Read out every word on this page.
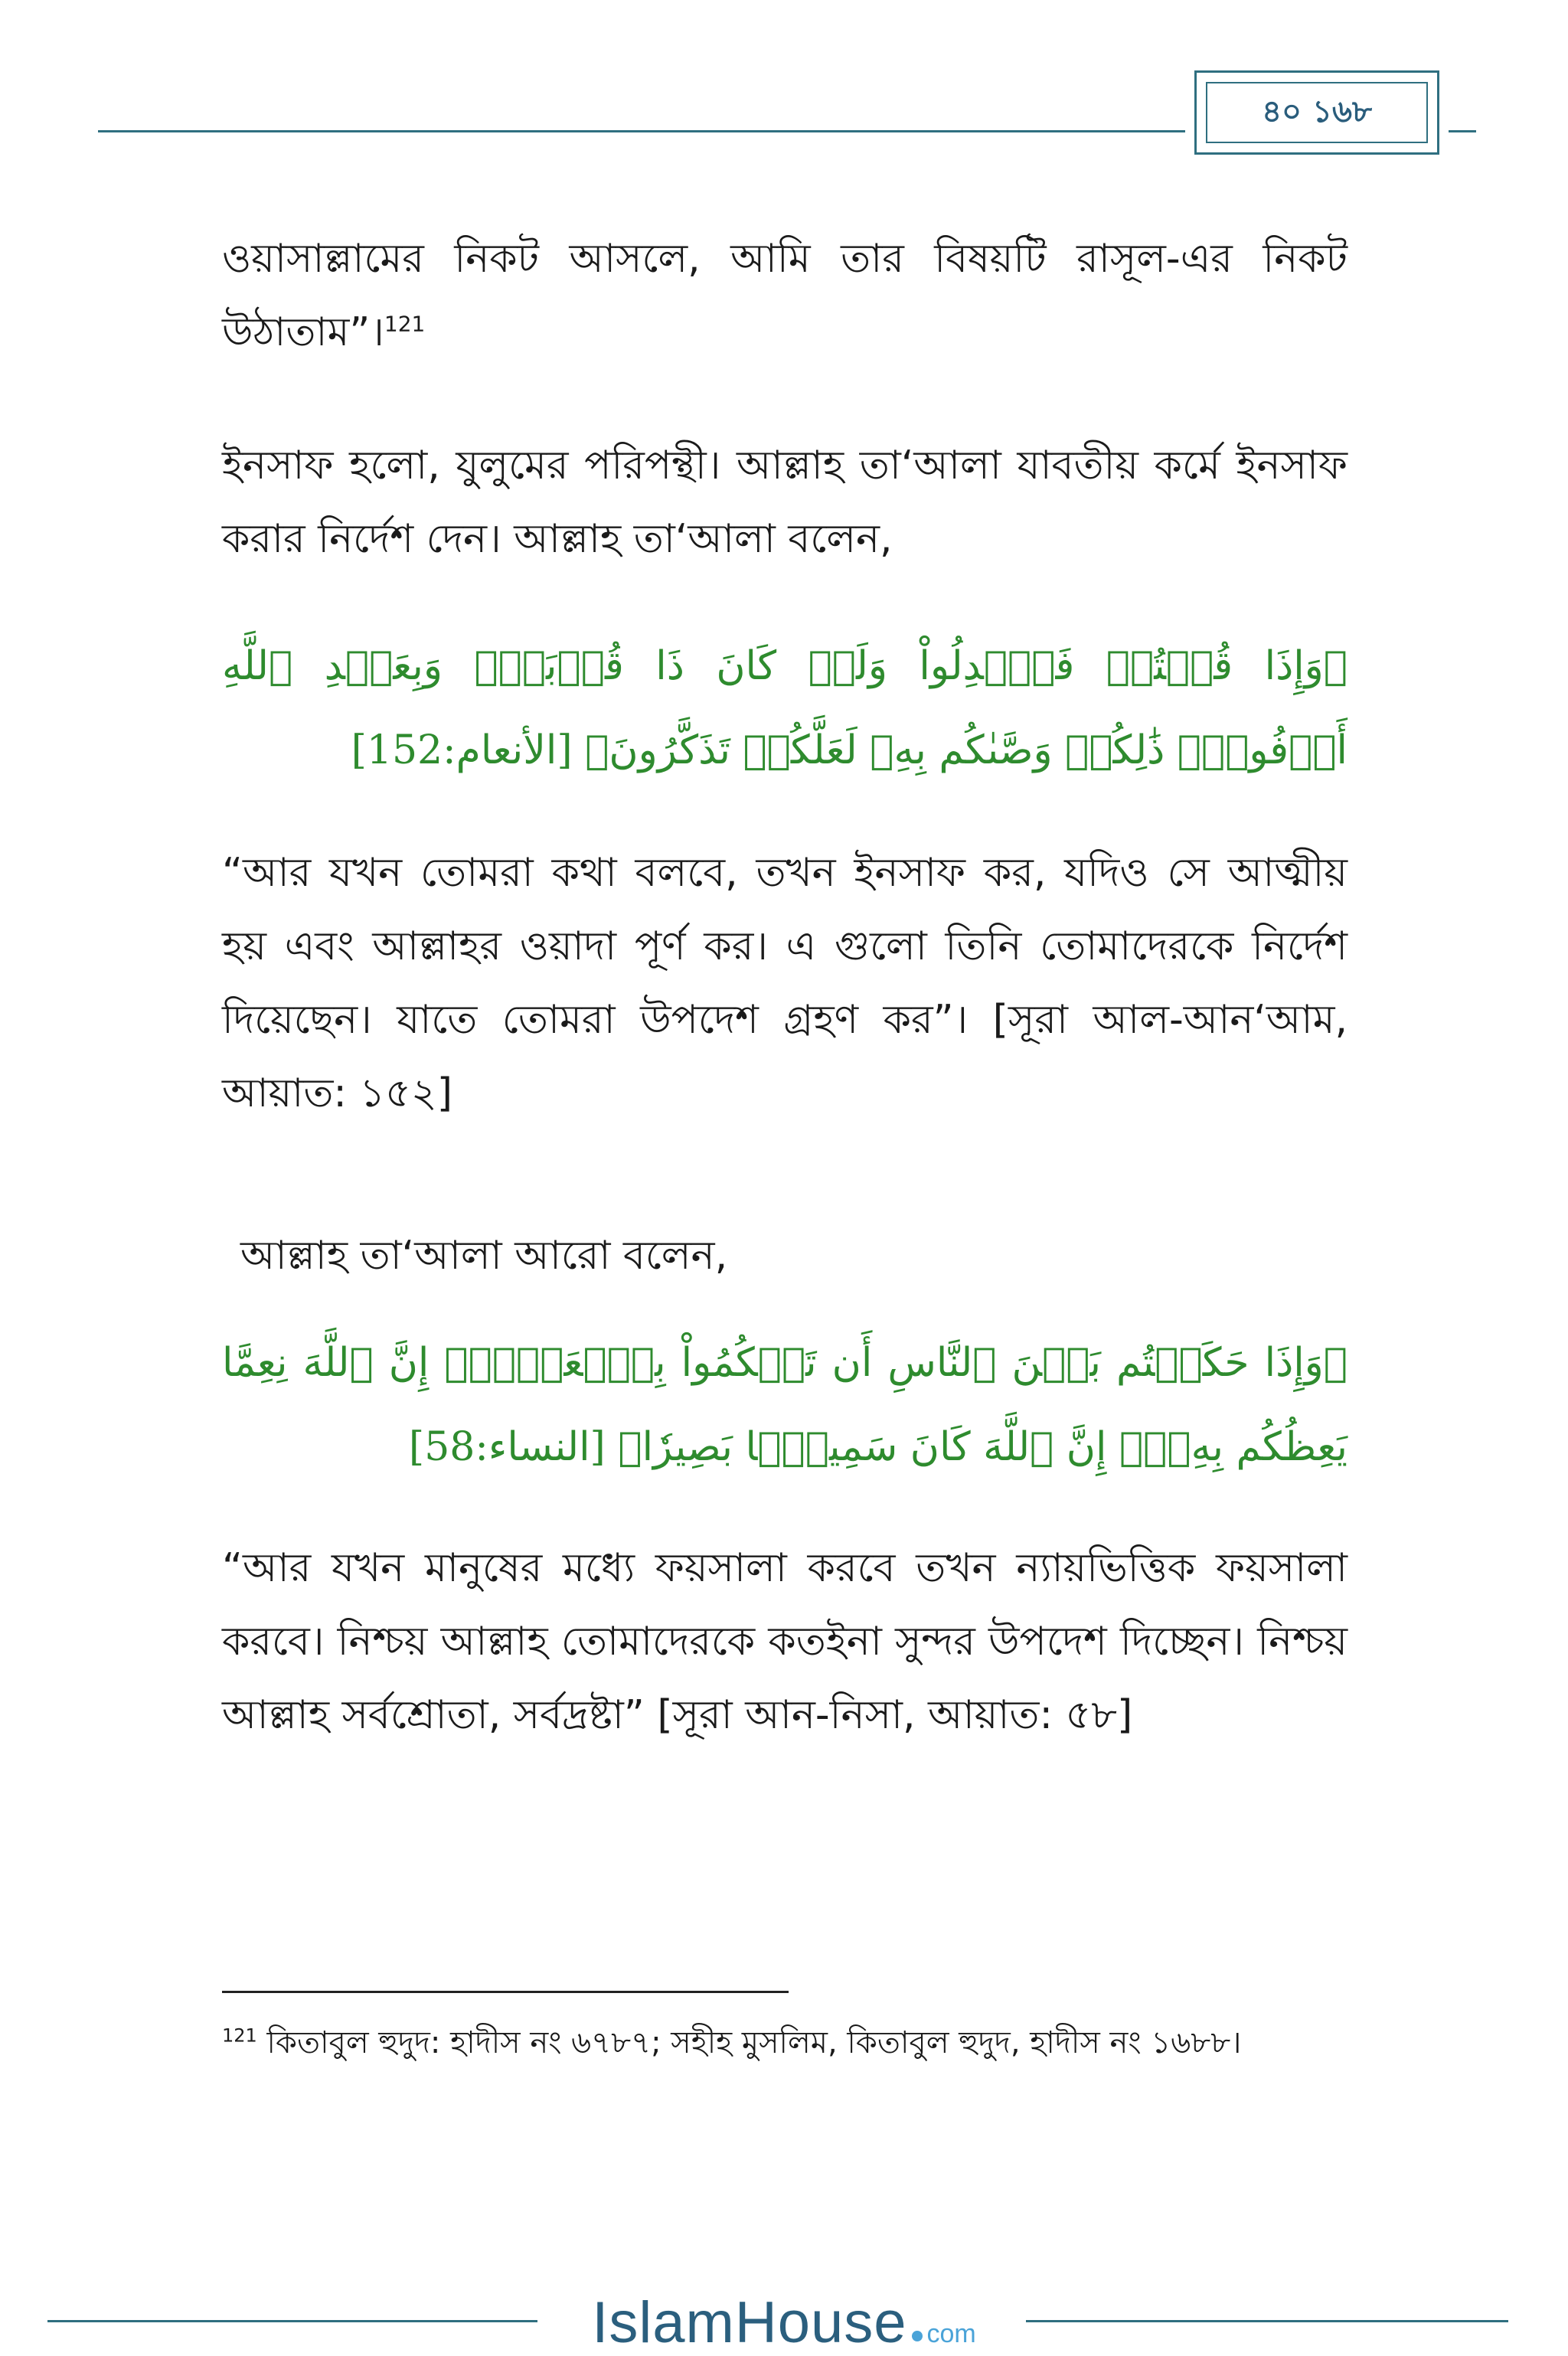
৪০ ১৬৮

ওয়াসাল্লামের নিকট আসলে, আমি তার বিষয়টি রাসূল-এর নিকট উঠাতাম”।$^{121}$

ইনসাফ হলো, যুলুমের পরিপন্থী। আল্লাহ তা‘আলা যাবতীয় কর্মে ইনসাফ করার নির্দেশ দেন। আল্লাহ তা‘আলা বলেন,

﴿وَإِذَا قُلۡتُمۡ فَٱعۡدِلُواْ وَلَوۡ كَانَ ذَا قُرۡبَىٰۖ وَبِعَهۡدِ ٱللَّهِ أَوۡفُواْۚ ذَٰلِكُمۡ وَصَّىٰكُم بِهِۦ لَعَلَّكُمۡ تَذَكَّرُونَ﴾ [الأنعام:152]

“আর যখন তোমরা কথা বলবে, তখন ইনসাফ কর, যদিও সে আত্মীয় হয় এবং আল্লাহর ওয়াদা পূর্ণ কর। এ গুলো তিনি তোমাদেরকে নির্দেশ দিয়েছেন। যাতে তোমরা উপদেশ গ্রহণ কর”। [সূরা আল-আন‘আম, আয়াত: ১৫২]

আল্লাহ তা‘আলা আরো বলেন,

﴿وَإِذَا حَكَمۡتُم بَيۡنَ ٱلنَّاسِ أَن تَحۡكُمُواْ بِٱلۡعَدۡلِۚ إِنَّ ٱللَّهَ نِعِمَّا يَعِظُكُم بِهِۦٓۗ إِنَّ ٱللَّهَ كَانَ سَمِيعَۢا بَصِيرٗا﴾ [النساء:58]

“আর যখন মানুষের মধ্যে ফয়সালা করবে তখন ন্যায়ভিত্তিক ফয়সালা করবে। নিশ্চয় আল্লাহ তোমাদেরকে কতইনা সুন্দর উপদেশ দিচ্ছেন। নিশ্চয় আল্লাহ সর্বশ্রোতা, সর্বদ্রষ্টা” [সূরা আন-নিসা, আয়াত: ৫৮]

$^{121}$ কিতাবুল হুদুদ: হাদীস নং ৬৭৮৭; সহীহ মুসলিম, কিতাবুল হুদুদ, হাদীস নং ১৬৮৮।
IslamHouse com
